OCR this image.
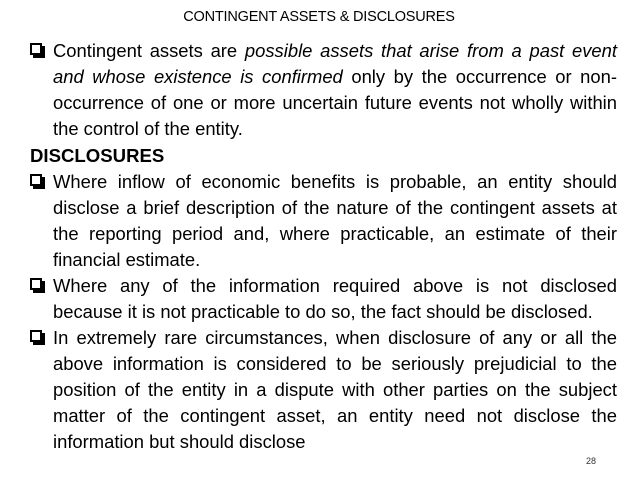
CONTINGENT ASSETS & DISCLOSURES

Contingent assets are possible assets that arise from a past event and whose existence is confirmed only by the occurrence or non-occurrence of one or more uncertain future events not wholly within the control of the entity.

DISCLOSURES

Where inflow of economic benefits is probable, an entity should disclose a brief description of the nature of the contingent assets at the reporting period and, where practicable, an estimate of their financial estimate.

Where any of the information required above is not disclosed because it is not practicable to do so, the fact should be disclosed.

In extremely rare circumstances, when disclosure of any or all the above information is considered to be seriously prejudicial to the position of the entity in a dispute with other parties on the subject matter of the contingent asset, an entity need not disclose the information but should disclose

28
